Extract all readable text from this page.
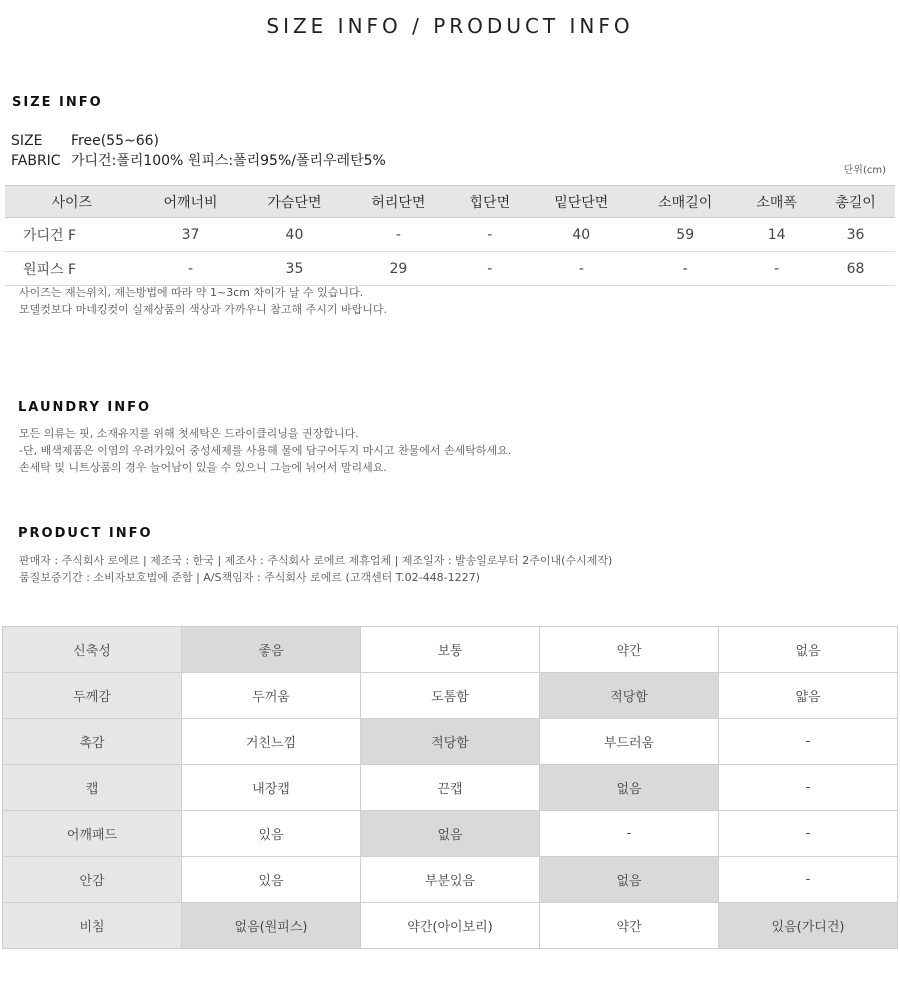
SIZE INFO / PRODUCT INFO
SIZE INFO
SIZE Free(55~66)
FABRIC 가디건:폴리100% 원피스:폴리95%/폴리우레탄5%
단위(cm)
사이즈	어깨너비	가슴단면	허리단면	힙단면	밑단단면	소매길이	소매폭	총길이
가디건 F	37	40	-	-	40	59	14	36
원피스 F	-	35	29	-	-	-	-	68
사이즈는 재는위치, 재는방법에 따라 약 1~3cm 차이가 날 수 있습니다.
모델컷보다 마네킹컷이 실제상품의 색상과 가까우니 참고해 주시기 바랍니다.
LAUNDRY INFO
모든 의류는 핏, 소재유지를 위해 첫세탁은 드라이클리닝을 권장합니다.
-단, 배색제품은 이염의 우려가있어 중성세제를 사용해 물에 담구어두지 마시고 찬물에서 손세탁하세요.
손세탁 및 니트상품의 경우 늘어남이 있을 수 있으니 그늘에 뉘어서 말리세요.
PRODUCT INFO
판매자 : 주식회사 로에르 | 제조국 : 한국 | 제조사 : 주식회사 로에르 제휴업체 | 제조일자 : 발송일로부터 2주이내(수시제작)
품질보증기간 : 소비자보호법에 준함 | A/S책임자 : 주식회사 로에르 (고객센터 T.02-448-1227)
신축성	좋음	보통	약간	없음
두께감	두꺼움	도톰함	적당함	얇음
촉감	거친느낌	적당함	부드러움	-
캡	내장캡	끈캡	없음	-
어깨패드	있음	없음	-	-
안감	있음	부분있음	없음	-
비침	없음(원피스)	약간(아이보리)	약간	있음(가디건)
